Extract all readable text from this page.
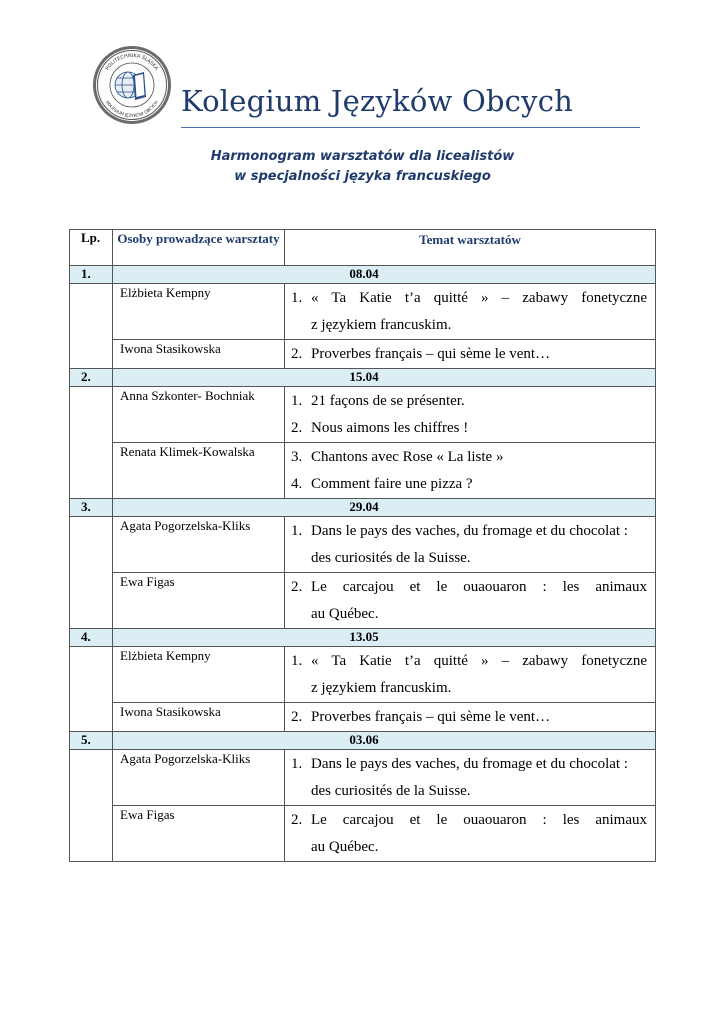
POLITECHNIKA ŚLĄSKA
KOLEGIUM JĘZYKÓW OBCYCH Kolegium Języków Obcych
Harmonogram warsztatów dla licealistów
w specjalności języka francuskiego
Lp.	Osoby prowadzące warsztaty	Temat warsztatów
1.	08.04	
	Elżbieta Kempny	1. « Ta Katie t’a quitté » – zabawy fonetyczne
z językiem francuskim.

	Iwona Stasikowska	2. Proverbes français – qui sème le vent…

2.	15.04	
	Anna Szkonter- Bochniak	1. 21 façons de se présenter.
2. Nous aimons les chiffres !

	Renata Klimek-Kowalska	3. Chantons avec Rose « La liste »
4. Comment faire une pizza ?

3.	29.04	
	Agata Pogorzelska-Kliks	1. Dans le pays des vaches, du fromage et du chocolat :
des curiosités de la Suisse.

	Ewa Figas	2. Le carcajou et le ouaouaron : les animaux
au Québec.

4.	13.05	
	Elżbieta Kempny	1. « Ta Katie t’a quitté » – zabawy fonetyczne
z językiem francuskim.

	Iwona Stasikowska	2. Proverbes français – qui sème le vent…

5.	03.06	
	Agata Pogorzelska-Kliks	1. Dans le pays des vaches, du fromage et du chocolat :
des curiosités de la Suisse.

	Ewa Figas	2. Le carcajou et le ouaouaron : les animaux
au Québec.
